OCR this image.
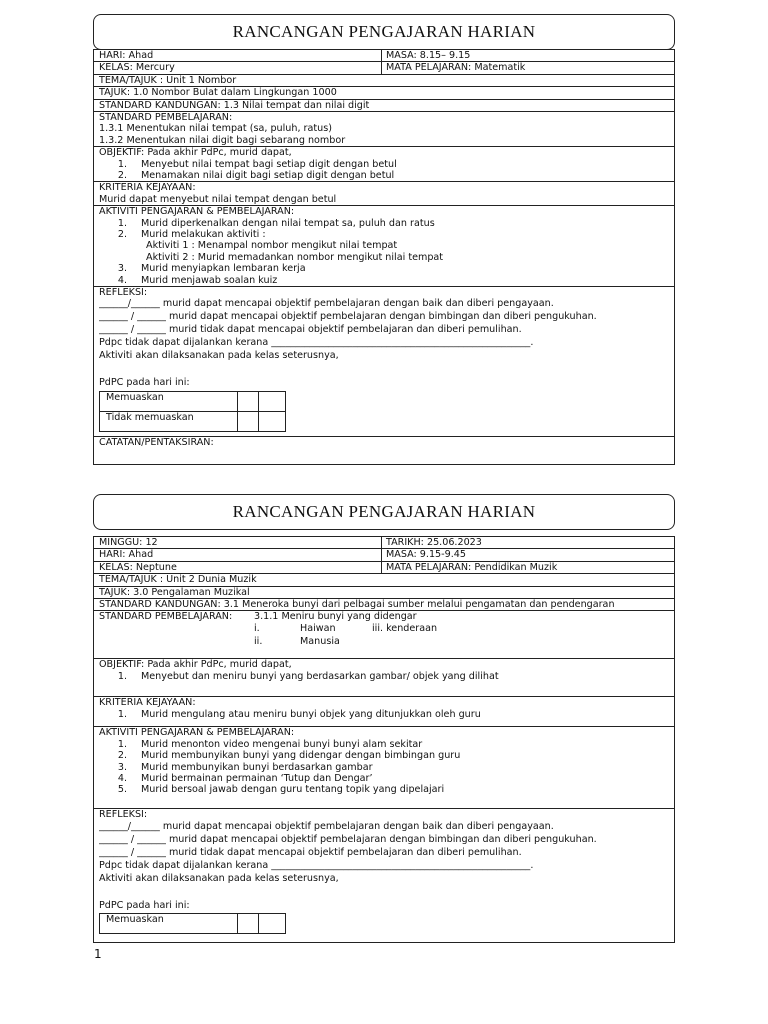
RANCANGAN PENGAJARAN HARIAN
HARI: Ahad	MASA: 8.15– 9.15
KELAS: Mercury	MATA PELAJARAN: Matematik
TEMA/TAJUK : Unit 1 Nombor
TAJUK: 1.0 Nombor Bulat dalam Lingkungan 1000
STANDARD KANDUNGAN: 1.3 Nilai tempat dan nilai digit
STANDARD PEMBELAJARAN:
1.3.1 Menentukan nilai tempat (sa, puluh, ratus)
1.3.2 Menentukan nilai digit bagi sebarang nombor
OBJEKTIF: Pada akhir PdPc, murid dapat,
1.	Menyebut nilai tempat bagi setiap digit dengan betul
2.	Menamakan nilai digit bagi setiap digit dengan betul
KRITERIA KEJAYAAN:
Murid dapat menyebut nilai tempat dengan betul
AKTIVITI PENGAJARAN & PEMBELAJARAN:
1.	Murid diperkenalkan dengan nilai tempat sa, puluh dan ratus
2.	Murid melakukan aktiviti :
Aktiviti 1 : Menampal nombor mengikut nilai tempat
Aktiviti 2 : Murid memadankan nombor mengikut nilai tempat
3.	Murid menyiapkan lembaran kerja
4.	Murid menjawab soalan kuiz
REFLEKSI:
______/______ murid dapat mencapai objektif pembelajaran dengan baik dan diberi pengayaan.
______ / ______ murid dapat mencapai objektif pembelajaran dengan bimbingan dan diberi pengukuhan.
______ / ______ murid tidak dapat mencapai objektif pembelajaran dan diberi pemulihan.
Pdpc tidak dapat dijalankan kerana ______________________________________________________.
Aktiviti akan dilaksanakan pada kelas seterusnya,
PdPC pada hari ini:
Memuaskan		
Tidak memuaskan		
CATATAN/PENTAKSIRAN:
RANCANGAN PENGAJARAN HARIAN
MINGGU: 12	TARIKH: 25.06.2023
HARI: Ahad	MASA: 9.15-9.45
KELAS: Neptune	MATA PELAJARAN: Pendidikan Muzik
TEMA/TAJUK : Unit 2 Dunia Muzik
TAJUK: 3.0 Pengalaman Muzikal
STANDARD KANDUNGAN: 3.1 Meneroka bunyi dari pelbagai sumber melalui pengamatan dan pendengaran
STANDARD PEMBELAJARAN:	3.1.1 Meniru bunyi yang didengar
i.	Haiwan	iii. kenderaan
ii.	Manusia
OBJEKTIF: Pada akhir PdPc, murid dapat,
1.	Menyebut dan meniru bunyi yang berdasarkan gambar/ objek yang dilihat
KRITERIA KEJAYAAN:
1.	Murid mengulang atau meniru bunyi objek yang ditunjukkan oleh guru
AKTIVITI PENGAJARAN & PEMBELAJARAN:
1.	Murid menonton video mengenai bunyi bunyi alam sekitar
2.	Murid membunyikan bunyi yang didengar dengan bimbingan guru
3.	Murid membunyikan bunyi berdasarkan gambar
4.	Murid bermainan permainan ‘Tutup dan Dengar’
5.	Murid bersoal jawab dengan guru tentang topik yang dipelajari
REFLEKSI:
______/______ murid dapat mencapai objektif pembelajaran dengan baik dan diberi pengayaan.
______ / ______ murid dapat mencapai objektif pembelajaran dengan bimbingan dan diberi pengukuhan.
______ / ______ murid tidak dapat mencapai objektif pembelajaran dan diberi pemulihan.
Pdpc tidak dapat dijalankan kerana ______________________________________________________.
Aktiviti akan dilaksanakan pada kelas seterusnya,
PdPC pada hari ini:
Memuaskan		
1
